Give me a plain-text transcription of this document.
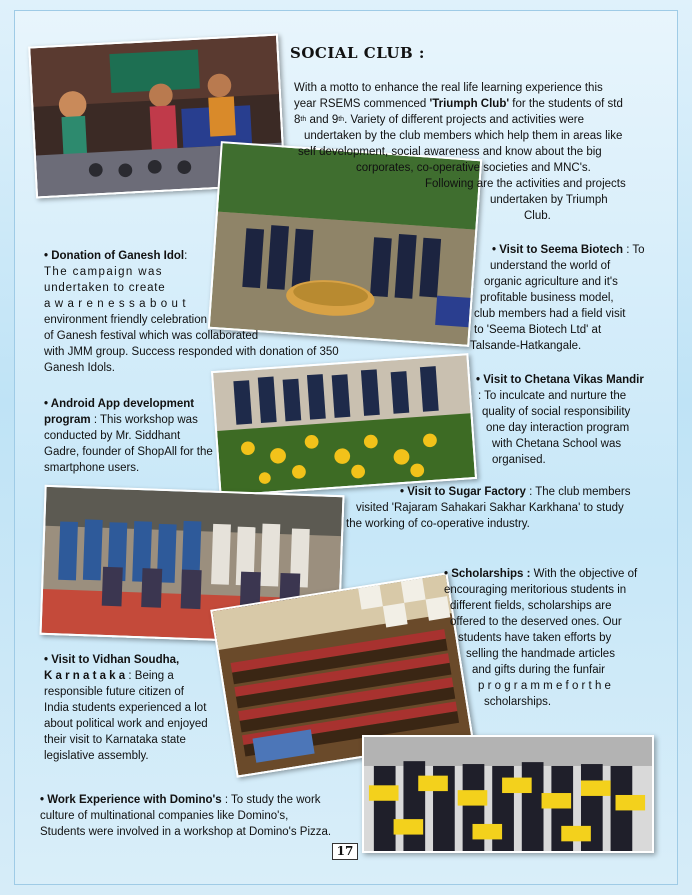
SOCIAL CLUB :
With a motto to enhance the real life learning experience this
year RSEMS commenced 'Triumph Club' for the students of std
8th and 9th. Variety of different projects and activities were
undertaken by the club members which help them in areas like
self development, social awareness and know about the big
corporates, co-operative societies and MNC's.
Following are the activities and projects
undertaken by Triumph
Club.
• Donation of Ganesh Idol:
The campaign was
undertaken to create
a w a r e n e s s a b o u t
environment friendly celebration
of Ganesh festival which was collaborated
with JMM group. Success responded with donation of 350
Ganesh Idols.
• Visit to Seema Biotech : To
understand the world of
organic agriculture and it's
profitable business model,
club members had a field visit
to 'Seema Biotech Ltd' at
Talsande-Hatkangale.
• Android App development
program : This workshop was
conducted by Mr. Siddhant
Gadre, founder of ShopAll for the
smartphone users.
• Visit to Chetana Vikas Mandir
: To inculcate and nurture the
quality of social responsibility
one day interaction program
with Chetana School was
organised.
• Visit to Sugar Factory : The club members
visited 'Rajaram Sahakari Sakhar Karkhana' to study
the working of co-operative industry.
• Scholarships : With the objective of
encouraging meritorious students in
different fields, scholarships are
offered to the deserved ones. Our
students have taken efforts by
selling the handmade articles
and gifts during the funfair
p r o g r a m m e f o r t h e
scholarships.
• Visit to Vidhan Soudha,
K a r n a t a k a : Being a
responsible future citizen of
India students experienced a lot
about political work and enjoyed
their visit to Karnataka state
legislative assembly.
• Work Experience with Domino's : To study the work
culture of multinational companies like Domino's,
Students were involved in a workshop at Domino's Pizza.
17
